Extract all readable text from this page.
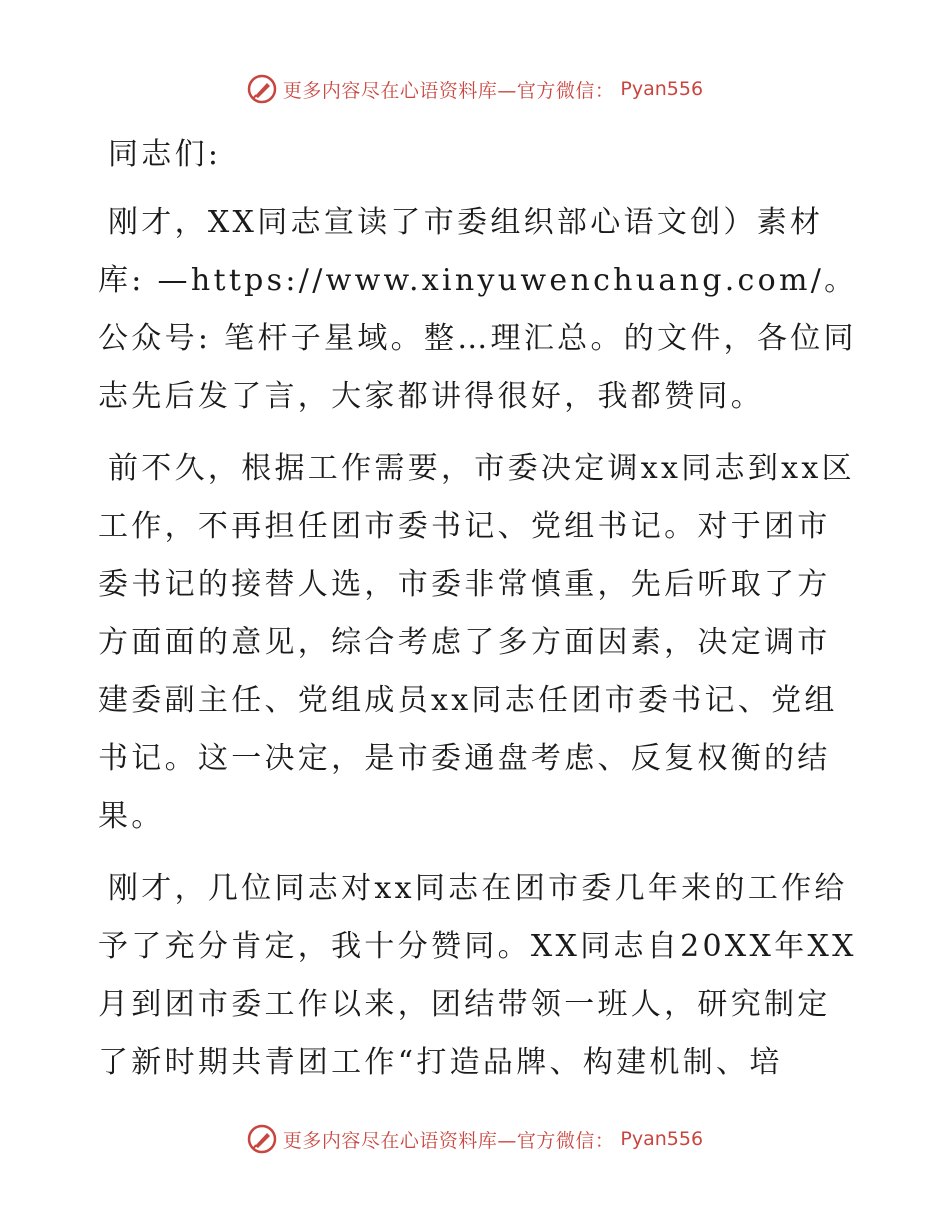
更多内容尽在心语资料库—官方微信： Pyan556

同志们:

刚才，XX同志宣读了市委组织部心语文创）素材库: —https://www.xinyuwenchuang.com/。公众号: 笔杆子星域。整…理汇总。的文件，各位同志先后发了言，大家都讲得很好，我都赞同。

前不久，根据工作需要，市委决定调xx同志到xx区工作，不再担任团市委书记、党组书记。对于团市委书记的接替人选，市委非常慎重，先后听取了方方面面的意见，综合考虑了多方面因素，决定调市建委副主任、党组成员xx同志任团市委书记、党组书记。这一决定，是市委通盘考虑、反复权衡的结果。

刚才，几位同志对xx同志在团市委几年来的工作给予了充分肯定，我十分赞同。XX同志自20XX年XX月到团市委工作以来，团结带领一班人，研究制定了新时期共青团工作“打造品牌、构建机制、培

更多内容尽在心语资料库—官方微信： Pyan556
